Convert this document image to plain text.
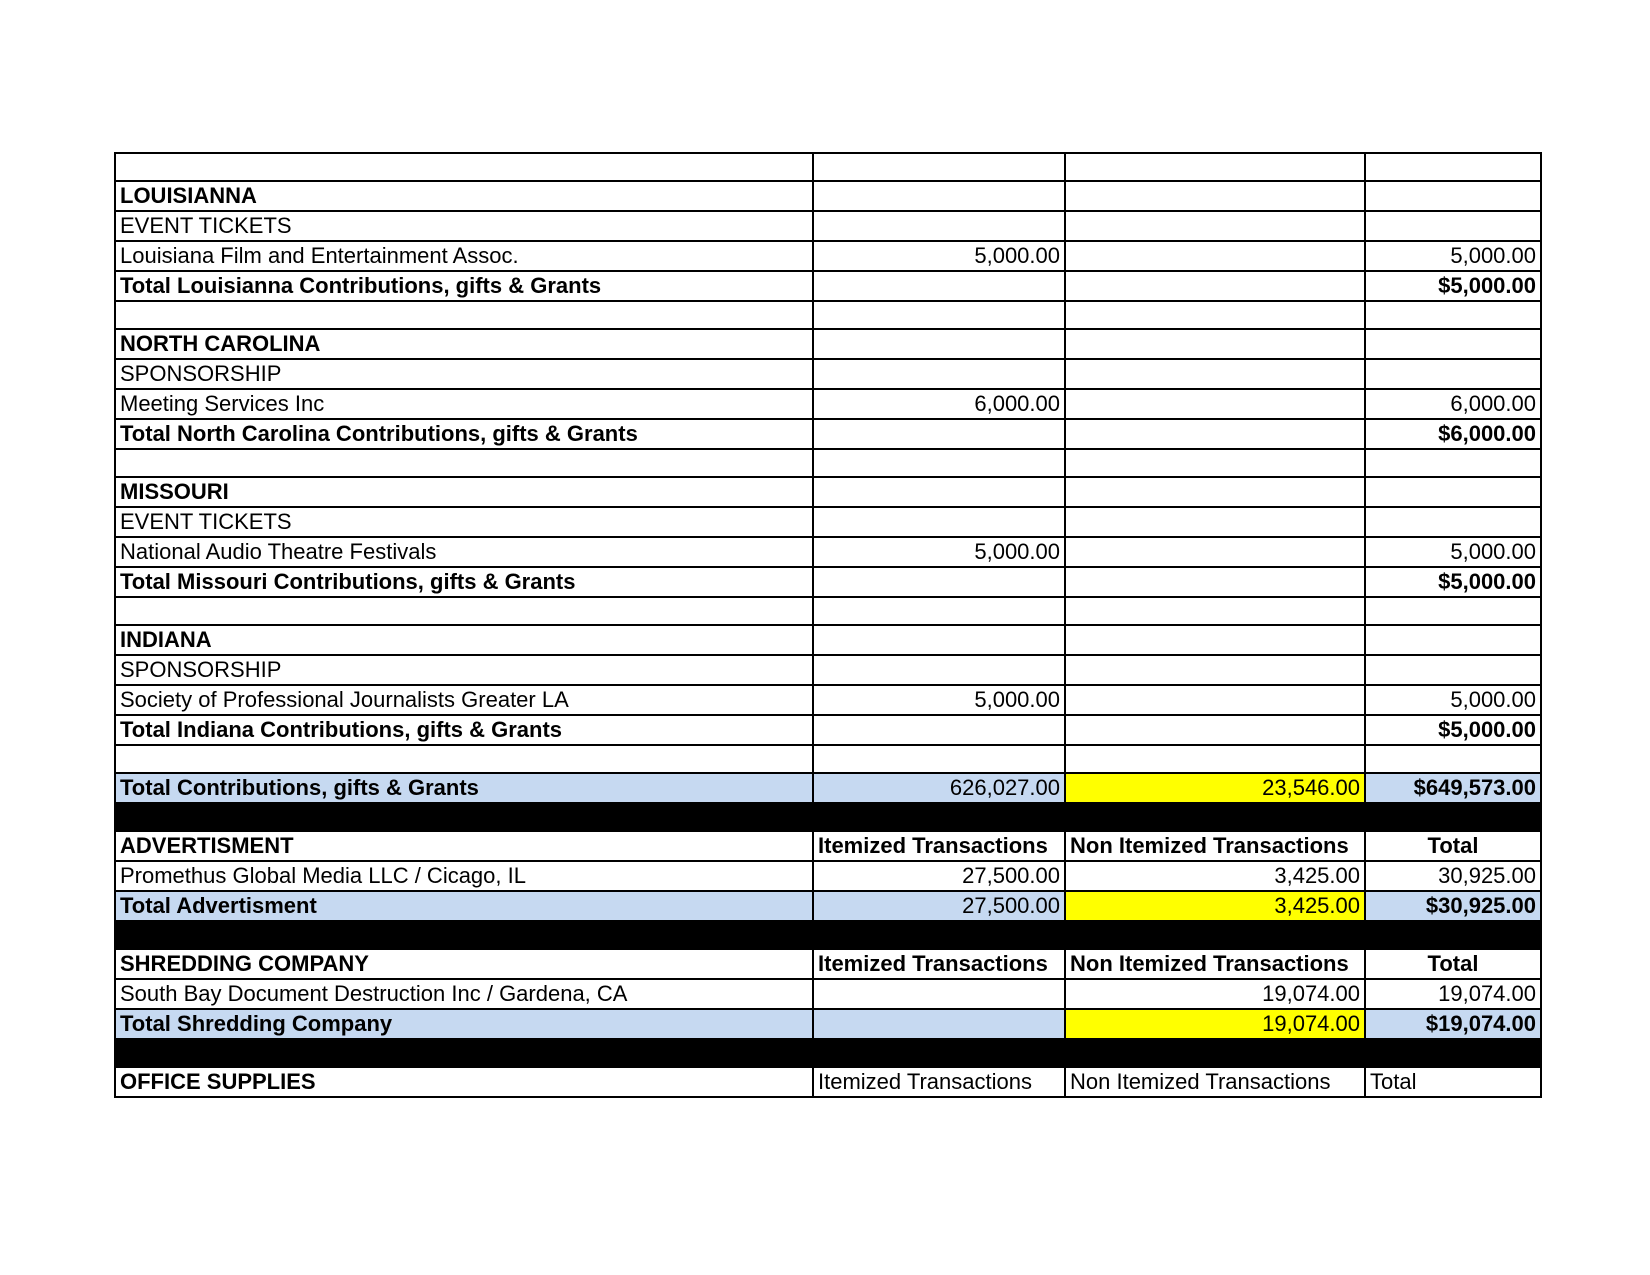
LOUISIANNA			
EVENT TICKETS			
Louisiana Film and Entertainment Assoc.	5,000.00		5,000.00
Total Louisianna Contributions, gifts & Grants			$5,000.00

NORTH CAROLINA			
SPONSORSHIP			
Meeting Services Inc	6,000.00		6,000.00
Total North Carolina Contributions, gifts & Grants			$6,000.00

MISSOURI			
EVENT TICKETS			
National Audio Theatre Festivals	5,000.00		5,000.00
Total Missouri Contributions, gifts & Grants			$5,000.00

INDIANA			
SPONSORSHIP			
Society of Professional Journalists Greater LA	5,000.00		5,000.00
Total Indiana Contributions, gifts & Grants			$5,000.00

Total Contributions, gifts & Grants	626,027.00	23,546.00	$649,573.00

ADVERTISMENT	Itemized Transactions	Non Itemized Transactions	Total
Promethus Global Media LLC / Cicago, IL	27,500.00	3,425.00	30,925.00
Total Advertisment	27,500.00	3,425.00	$30,925.00

SHREDDING COMPANY	Itemized Transactions	Non Itemized Transactions	Total
South Bay Document Destruction Inc / Gardena, CA		19,074.00	19,074.00
Total Shredding Company		19,074.00	$19,074.00

OFFICE SUPPLIES	Itemized Transactions	Non Itemized Transactions	Total
